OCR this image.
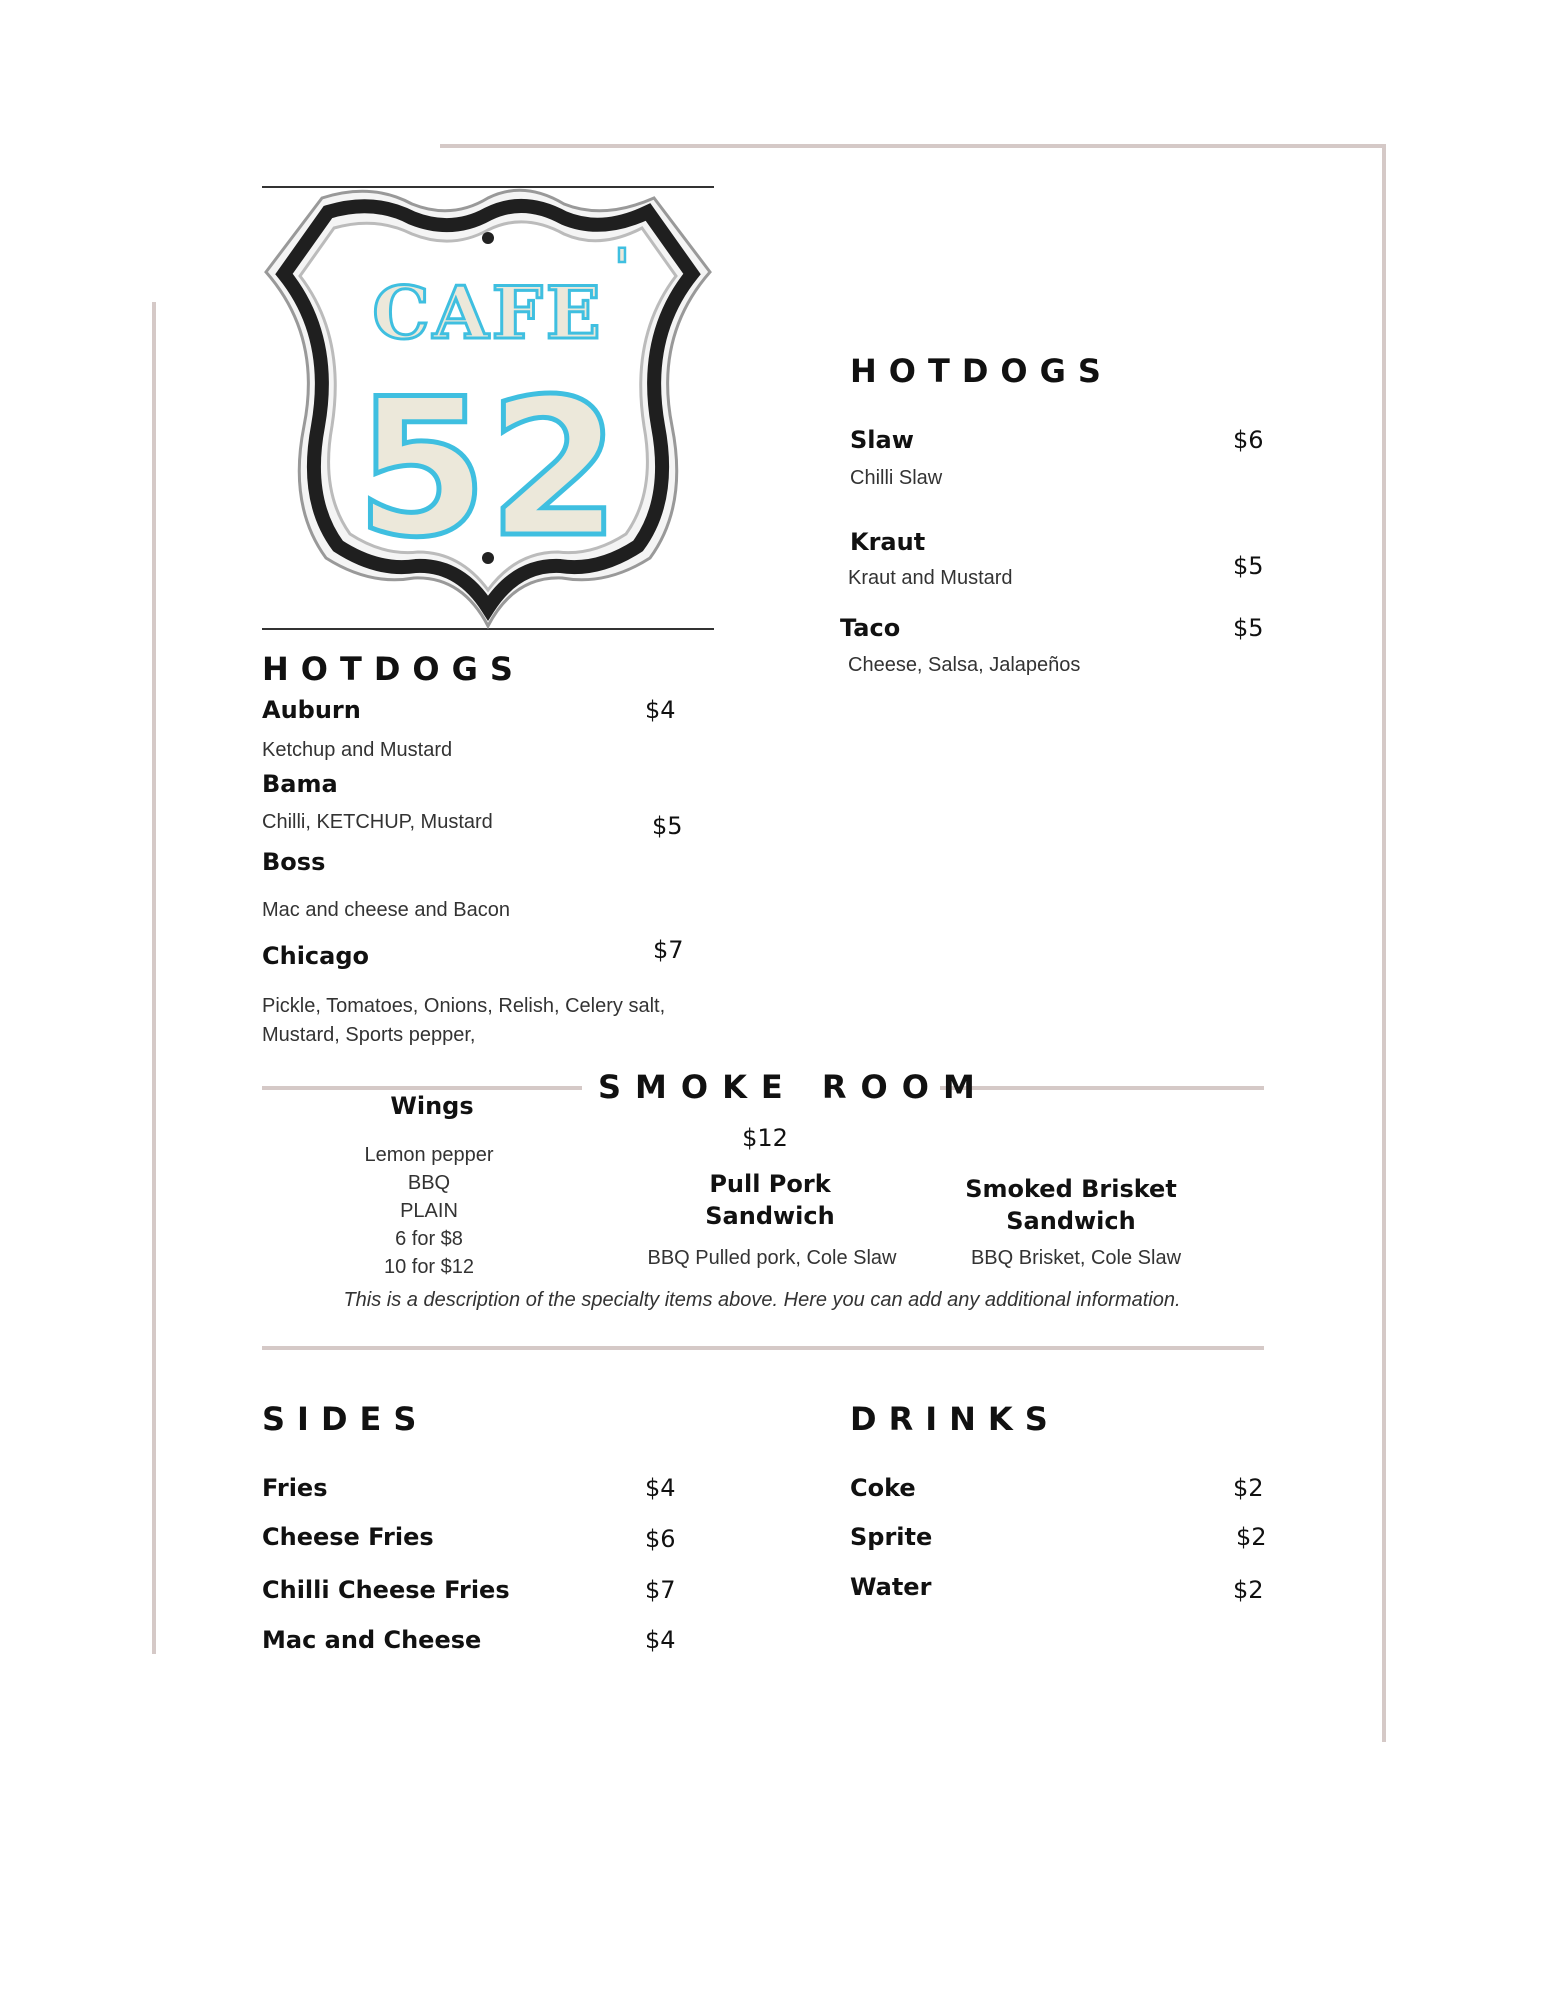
CAFE
'
52
HOTDOGS
Auburn	$4
Ketchup and Mustard
Bama
Chilli, KETCHUP, Mustard	$5
Boss
Mac and cheese and Bacon
Chicago	$7
Pickle, Tomatoes, Onions, Relish, Celery salt,
Mustard, Sports pepper,
HOTDOGS
Slaw	$6
Chilli Slaw
Kraut
$5
Kraut and Mustard
Taco	$5
Cheese, Salsa, Jalapeños
SMOKE ROOM
Wings
Lemon pepper
BBQ
PLAIN
6 for $8
10 for $12
$12
Pull Pork
Sandwich
BBQ Pulled pork, Cole Slaw
Smoked Brisket
Sandwich
BBQ Brisket, Cole Slaw
This is a description of the specialty items above. Here you can add any additional information.
SIDES
Fries	$4
Cheese Fries	$6
Chilli Cheese Fries	$7
Mac and Cheese	$4
DRINKS
Coke	$2
Sprite	$2
Water	$2
